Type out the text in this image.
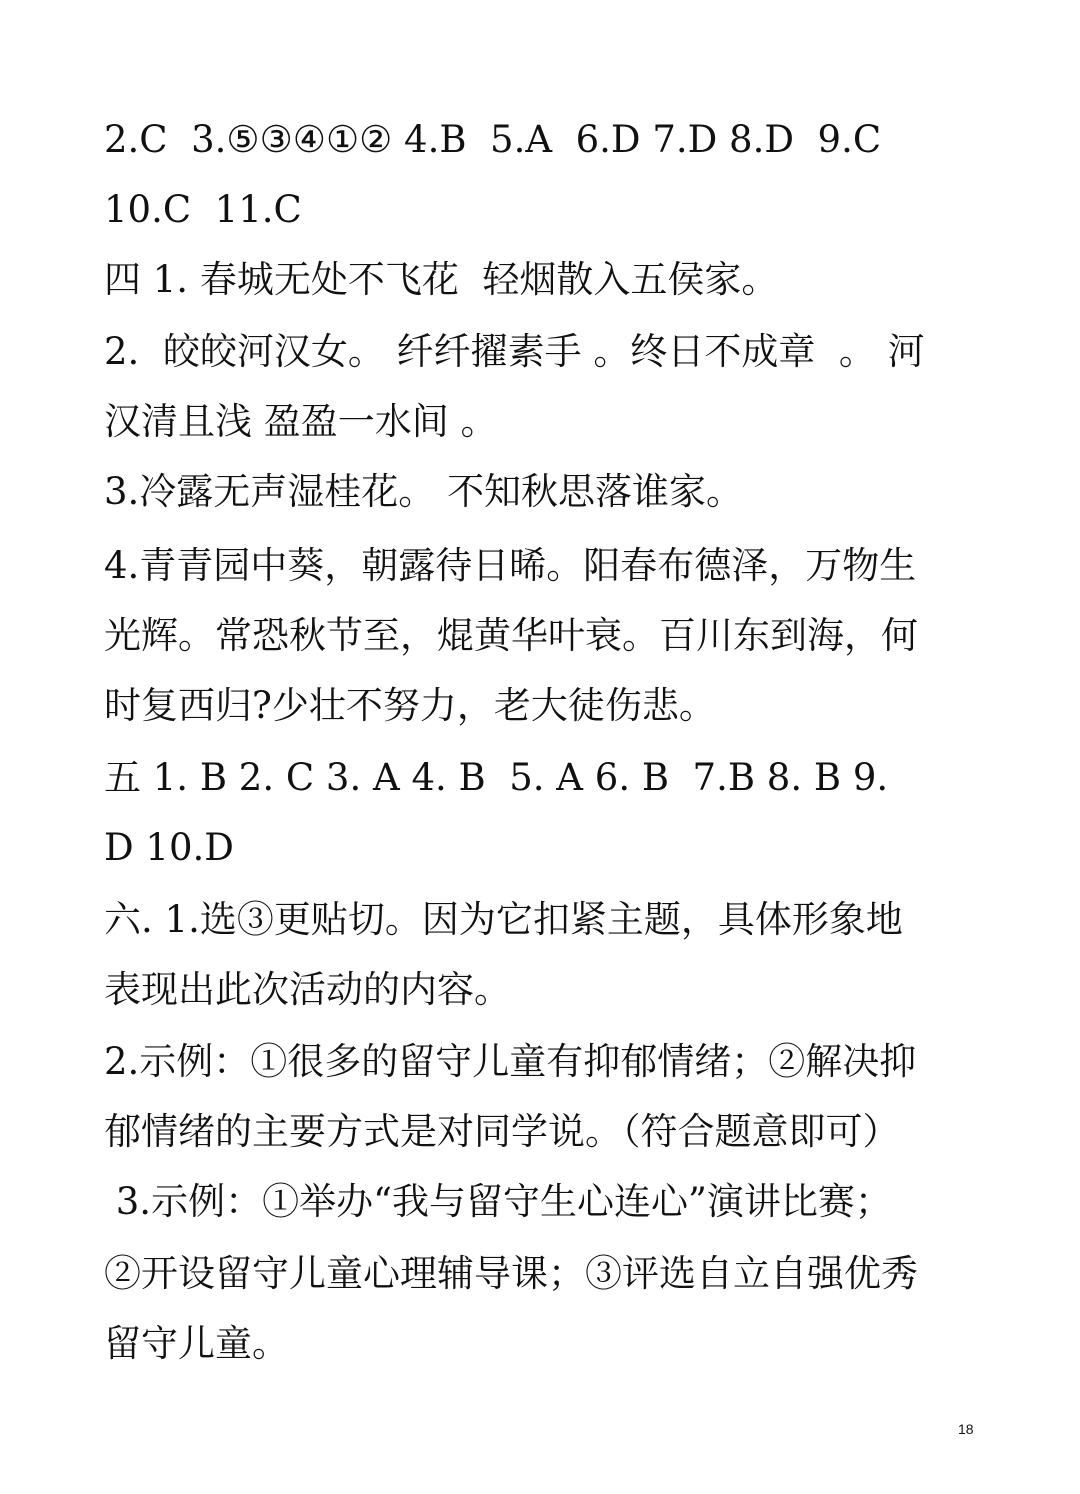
2.C  3.⑤③④①② 4.B  5.A  6.D 7.D 8.D  9.C
10.C  11.C
四 1. 春城无处不飞花  轻烟散入五侯家。
2.  皎皎河汉女。 纤纤擢素手 。终日不成章  。 河
汉清且浅 盈盈一水间 。
3.冷露无声湿桂花。 不知秋思落谁家。
4.青青园中葵，朝露待日晞。阳春布德泽，万物生
光辉。常恐秋节至，焜黄华叶衰。百川东到海，何
时复西归?少壮不努力，老大徒伤悲。
五 1. B 2. C 3. A 4. B  5. A 6. B  7.B 8. B 9.
D 10.D
六. 1.选③更贴切。因为它扣紧主题，具体形象地
表现出此次活动的内容。
2.示例：①很多的留守儿童有抑郁情绪；②解决抑
郁情绪的主要方式是对同学说。（符合题意即可）
3.示例：①举办“我与留守生心连心”演讲比赛；
②开设留守儿童心理辅导课；③评选自立自强优秀
留守儿童。
18
